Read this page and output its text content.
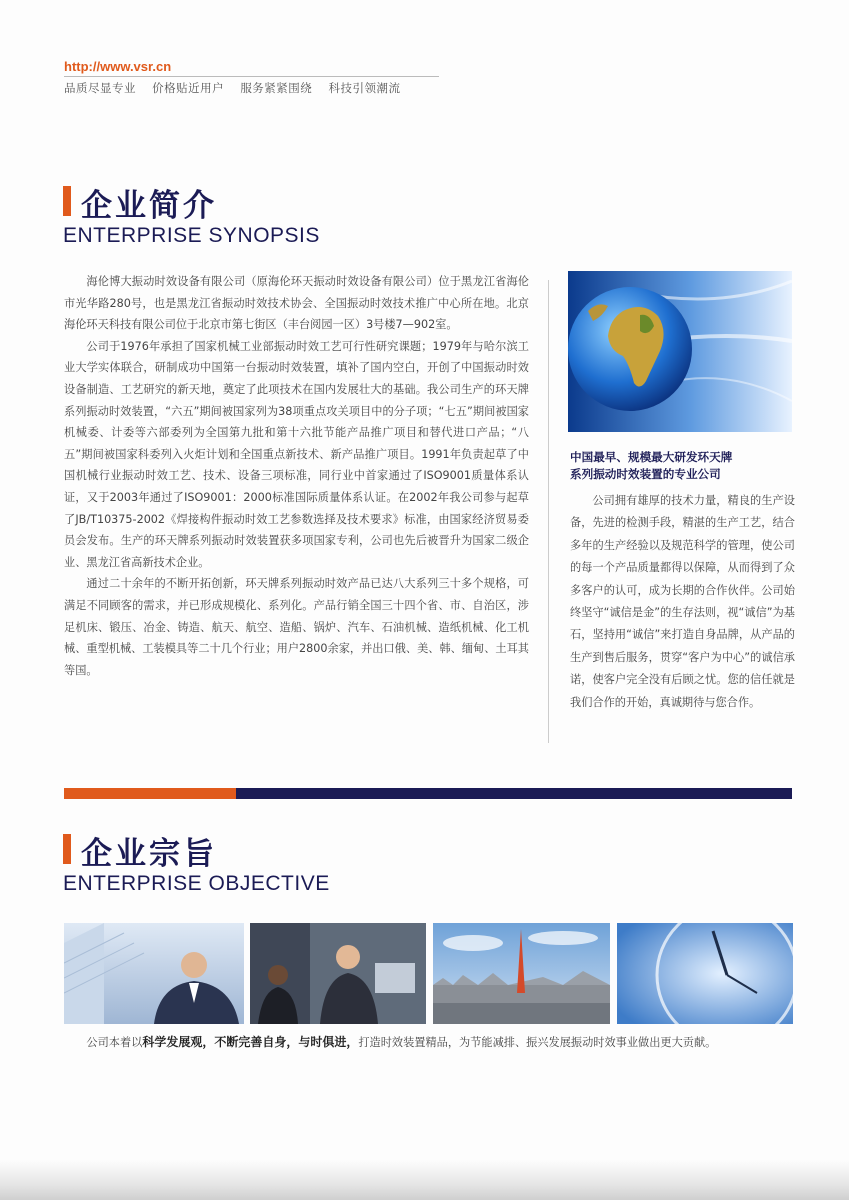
http://www.vsr.cn
品质尽显专业 价格贴近用户 服务紧紧围绕 科技引领潮流
企业简介
ENTERPRISE SYNOPSIS

海伦博大振动时效设备有限公司（原海伦环天振动时效设备有限公司）位于黑龙江省海伦市光华路280号，也是黑龙江省振动时效技术协会、全国振动时效技术推广中心所在地。北京海伦环天科技有限公司位于北京市第七街区（丰台阅园一区）3号楼7—902室。

公司于1976年承担了国家机械工业部振动时效工艺可行性研究课题；1979年与哈尔滨工业大学实体联合，研制成功中国第一台振动时效装置，填补了国内空白，开创了中国振动时效设备制造、工艺研究的新天地，奠定了此项技术在国内发展壮大的基础。我公司生产的环天牌系列振动时效装置，“六五”期间被国家列为38项重点攻关项目中的分子项；“七五”期间被国家机械委、计委等六部委列为全国第九批和第十六批节能产品推广项目和替代进口产品；“八五”期间被国家科委列入火炬计划和全国重点新技术、新产品推广项目。1991年负责起草了中国机械行业振动时效工艺、技术、设备三项标准，同行业中首家通过了ISO9001质量体系认证，又于2003年通过了ISO9001：2000标准国际质量体系认证。在2002年我公司参与起草了JB/T10375-2002《焊接构件振动时效工艺参数选择及技术要求》标准，由国家经济贸易委员会发布。生产的环天牌系列振动时效装置获多项国家专利，公司也先后被晋升为国家二级企业、黑龙江省高新技术企业。

通过二十余年的不断开拓创新，环天牌系列振动时效产品已达八大系列三十多个规格，可满足不同顾客的需求，并已形成规模化、系列化。产品行销全国三十四个省、市、自治区，涉足机床、锻压、冶金、铸造、航天、航空、造船、锅炉、汽车、石油机械、造纸机械、化工机械、重型机械、工装模具等二十几个行业；用户2800余家，并出口俄、美、韩、缅甸、土耳其等国。

中国最早、规模最大研发环天牌
系列振动时效装置的专业公司

公司拥有雄厚的技术力量，精良的生产设备，先进的检测手段，精湛的生产工艺，结合多年的生产经验以及规范科学的管理，使公司的每一个产品质量都得以保障，从而得到了众多客户的认可，成为长期的合作伙伴。公司始终坚守“诚信是金”的生存法则，视“诚信”为基石，坚持用“诚信”来打造自身品牌，从产品的生产到售后服务，贯穿“客户为中心”的诚信承诺，使客户完全没有后顾之忧。您的信任就是我们合作的开始，真诚期待与您合作。

企业宗旨
ENTERPRISE OBJECTIVE
公司本着以科学发展观，不断完善自身，与时俱进，打造时效装置精品，为节能减排、振兴发展振动时效事业做出更大贡献。
